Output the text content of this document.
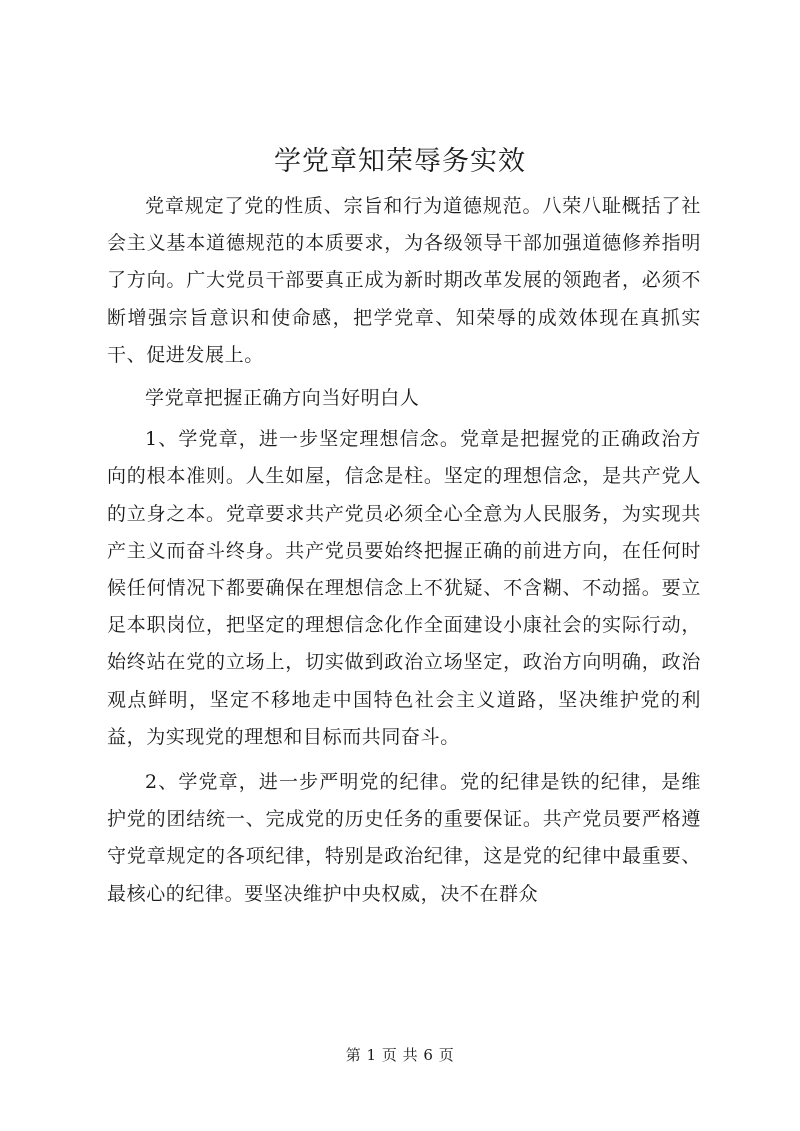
学党章知荣辱务实效

党章规定了党的性质、宗旨和行为道德规范。八荣八耻概括了社会主义基本道德规范的本质要求，为各级领导干部加强道德修养指明了方向。广大党员干部要真正成为新时期改革发展的领跑者，必须不断增强宗旨意识和使命感，把学党章、知荣辱的成效体现在真抓实干、促进发展上。

学党章把握正确方向当好明白人

1、学党章，进一步坚定理想信念。党章是把握党的正确政治方向的根本准则。人生如屋，信念是柱。坚定的理想信念，是共产党人的立身之本。党章要求共产党员必须全心全意为人民服务，为实现共产主义而奋斗终身。共产党员要始终把握正确的前进方向，在任何时候任何情况下都要确保在理想信念上不犹疑、不含糊、不动摇。要立足本职岗位，把坚定的理想信念化作全面建设小康社会的实际行动，始终站在党的立场上，切实做到政治立场坚定，政治方向明确，政治观点鲜明，坚定不移地走中国特色社会主义道路，坚决维护党的利益，为实现党的理想和目标而共同奋斗。

2、学党章，进一步严明党的纪律。党的纪律是铁的纪律，是维护党的团结统一、完成党的历史任务的重要保证。共产党员要严格遵守党章规定的各项纪律，特别是政治纪律，这是党的纪律中最重要、最核心的纪律。要坚决维护中央权威，决不在群众

第 1 页 共 6 页
